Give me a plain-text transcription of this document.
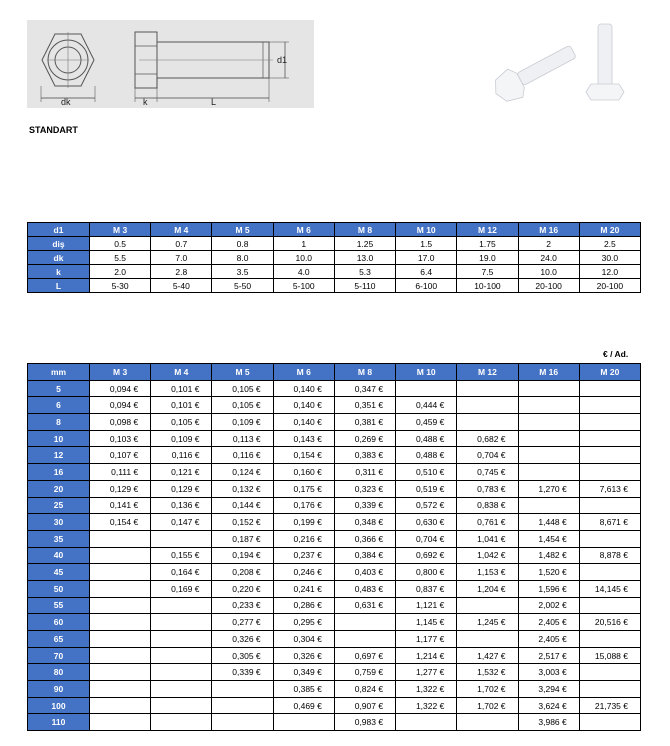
dk	k	L
d1
STANDART
d1	M 3	M 4	M 5	M 6	M 8	M 10	M 12	M 16	M 20
diş	0.5	0.7	0.8	1	1.25	1.5	1.75	2	2.5
dk	5.5	7.0	8.0	10.0	13.0	17.0	19.0	24.0	30.0
k	2.0	2.8	3.5	4.0	5.3	6.4	7.5	10.0	12.0
L	5-30	5-40	5-50	5-100	5-110	6-100	10-100	20-100	20-100
€ / Ad.
mm	M 3	M 4	M 5	M 6	M 8	M 10	M 12	M 16	M 20
5	0,094 €	0,101 €	0,105 €	0,140 €	0,347 €				
6	0,094 €	0,101 €	0,105 €	0,140 €	0,351 €	0,444 €			
8	0,098 €	0,105 €	0,109 €	0,140 €	0,381 €	0,459 €			
10	0,103 €	0,109 €	0,113 €	0,143 €	0,269 €	0,488 €	0,682 €		
12	0,107 €	0,116 €	0,116 €	0,154 €	0,383 €	0,488 €	0,704 €		
16	0,111 €	0,121 €	0,124 €	0,160 €	0,311 €	0,510 €	0,745 €		
20	0,129 €	0,129 €	0,132 €	0,175 €	0,323 €	0,519 €	0,783 €	1,270 €	7,613 €
25	0,141 €	0,136 €	0,144 €	0,176 €	0,339 €	0,572 €	0,838 €		
30	0,154 €	0,147 €	0,152 €	0,199 €	0,348 €	0,630 €	0,761 €	1,448 €	8,671 €
35			0,187 €	0,216 €	0,366 €	0,704 €	1,041 €	1,454 €	
40		0,155 €	0,194 €	0,237 €	0,384 €	0,692 €	1,042 €	1,482 €	8,878 €
45		0,164 €	0,208 €	0,246 €	0,403 €	0,800 €	1,153 €	1,520 €	
50		0,169 €	0,220 €	0,241 €	0,483 €	0,837 €	1,204 €	1,596 €	14,145 €
55			0,233 €	0,286 €	0,631 €	1,121 €		2,002 €	
60			0,277 €	0,295 €		1,145 €	1,245 €	2,405 €	20,516 €
65			0,326 €	0,304 €		1,177 €		2,405 €	
70			0,305 €	0,326 €	0,697 €	1,214 €	1,427 €	2,517 €	15,088 €
80			0,339 €	0,349 €	0,759 €	1,277 €	1,532 €	3,003 €	
90				0,385 €	0,824 €	1,322 €	1,702 €	3,294 €	
100				0,469 €	0,907 €	1,322 €	1,702 €	3,624 €	21,735 €
110					0,983 €			3,986 €	
